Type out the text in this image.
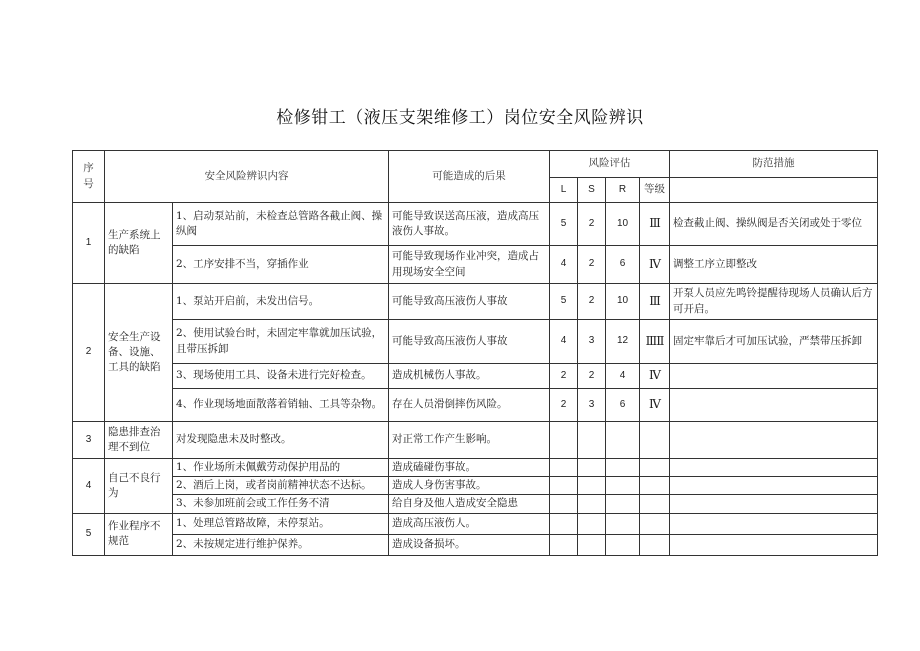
检修钳工（液压支架维修工）岗位安全风险辨识
序号	安全风险辨识内容		可能造成的后果	风险评估				防范措施
				L	S	R	等级	
1	生产系统上的缺陷	1、启动泵站前，未检查总管路各截止阀、操纵阀	可能导致误送高压液，造成高压液伤人事故。	5	2	10	Ⅲ	检查截止阀、操纵阀是否关闭或处于零位
		2、工序安排不当，穿插作业	可能导致现场作业冲突，造成占用现场安全空间	4	2	6	Ⅳ	调整工序立即整改
2	安全生产设备、设施、工具的缺陷	1、泵站开启前，未发出信号。	可能导致高压液伤人事故	5	2	10	Ⅲ	开泵人员应先鸣铃提醒待现场人员确认后方可开启。
		2、使用试验台时，未固定牢靠就加压试验，且带压拆卸	可能导致高压液伤人事故	4	3	12	ⅢⅡ	固定牢靠后才可加压试验，严禁带压拆卸
		3、现场使用工具、设备未进行完好检查。	造成机械伤人事故。	2	2	4	Ⅳ	
		4、作业现场地面散落着销轴、工具等杂物。	存在人员滑倒摔伤风险。	2	3	6	Ⅳ	
3	隐患排查治理不到位	对发现隐患未及时整改。	对正常工作产生影响。					
4	自己不良行为	1、作业场所未佩戴劳动保护用品的	造成磕碰伤事故。					
		2、酒后上岗，或者岗前精神状态不达标。	造成人身伤害事故。					
		3、未参加班前会或工作任务不清	给自身及他人造成安全隐患					
5	作业程序不规范	1、处理总管路故障，未停泵站。	造成高压液伤人。					
		2、未按规定进行维护保养。	造成设备损坏。					
